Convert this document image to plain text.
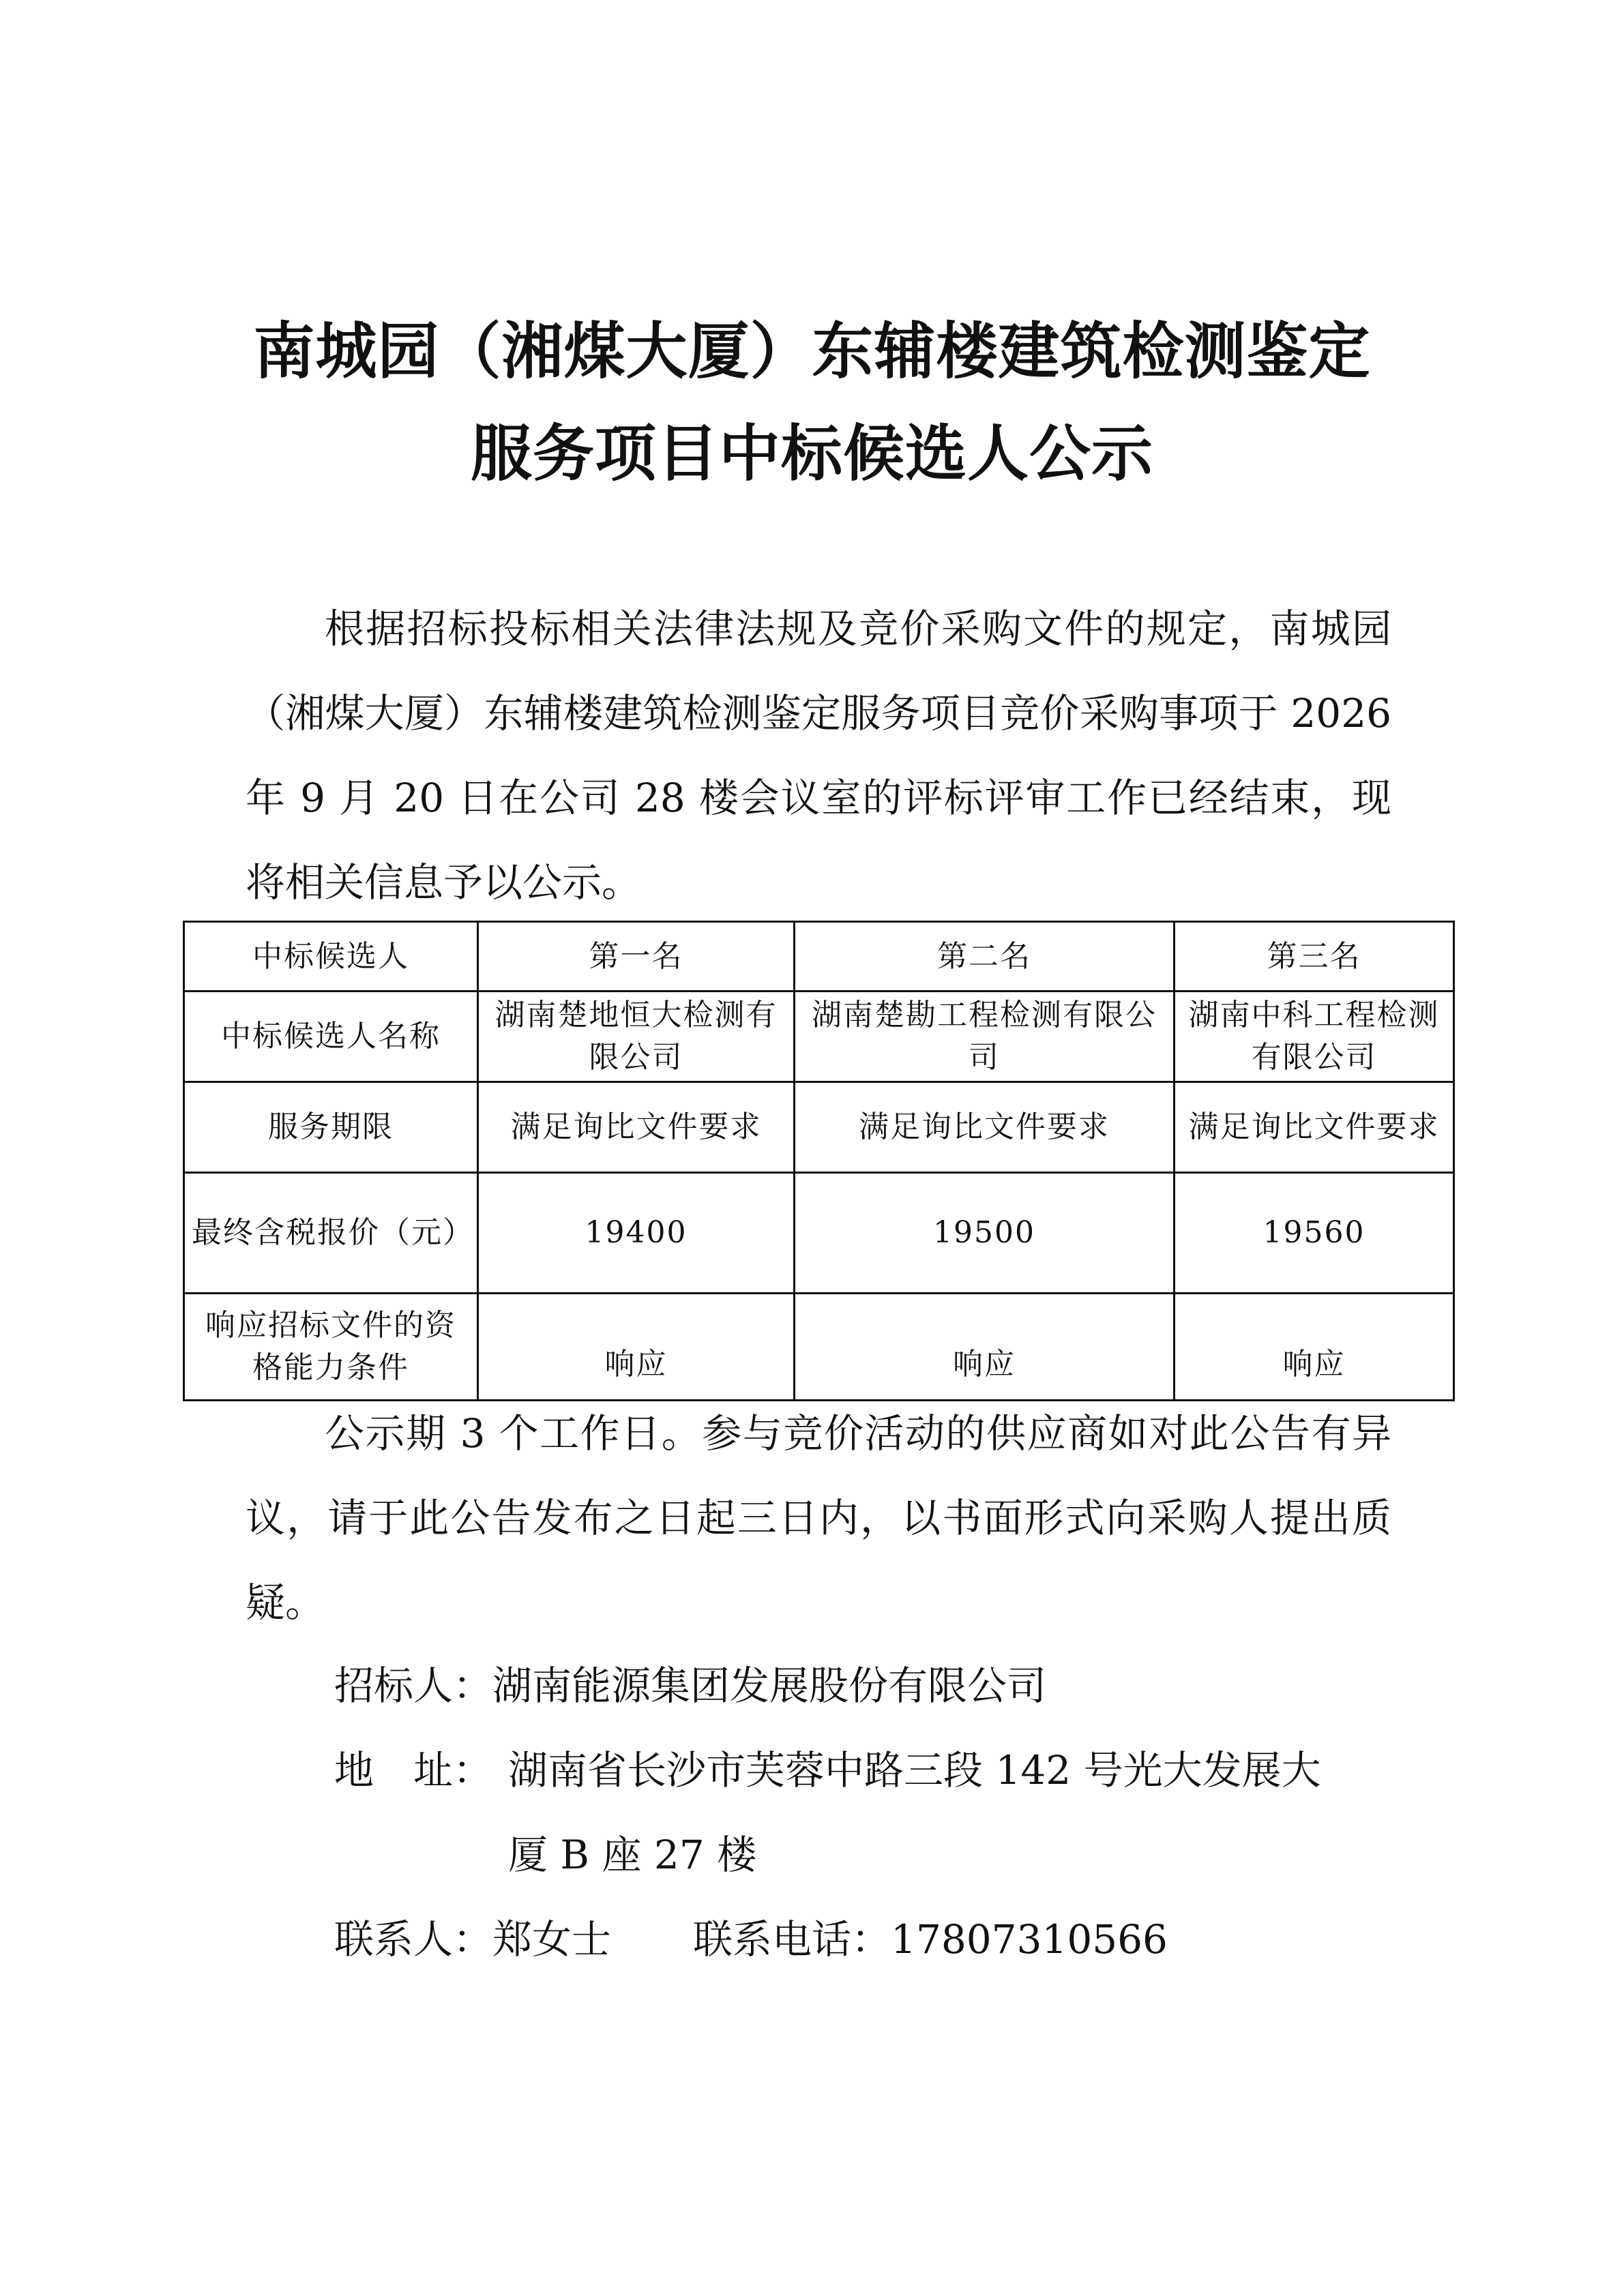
南城园（湘煤大厦）东辅楼建筑检测鉴定
服务项目中标候选人公示
根据招标投标相关法律法规及竞价采购文件的规定，南城园（湘煤大厦）东辅楼建筑检测鉴定服务项目竞价采购事项于 2026 年 9 月 20 日在公司 28 楼会议室的评标评审工作已经结束，现将相关信息予以公示。
中标候选人	第一名	第二名	第三名
中标候选人名称	湖南楚地恒大检测有限公司	湖南楚勘工程检测有限公司	湖南中科工程检测有限公司
服务期限	满足询比文件要求	满足询比文件要求	满足询比文件要求
最终含税报价（元）	19400	19500	19560
响应招标文件的资格能力条件	响应	响应	响应
公示期 3 个工作日。参与竞价活动的供应商如对此公告有异议，请于此公告发布之日起三日内，以书面形式向采购人提出质疑。
招标人：湖南能源集团发展股份有限公司
地　址： 湖南省长沙市芙蓉中路三段 142 号光大发展大
厦 B 座 27 楼
联系人：郑女士 联系电话：17807310566
